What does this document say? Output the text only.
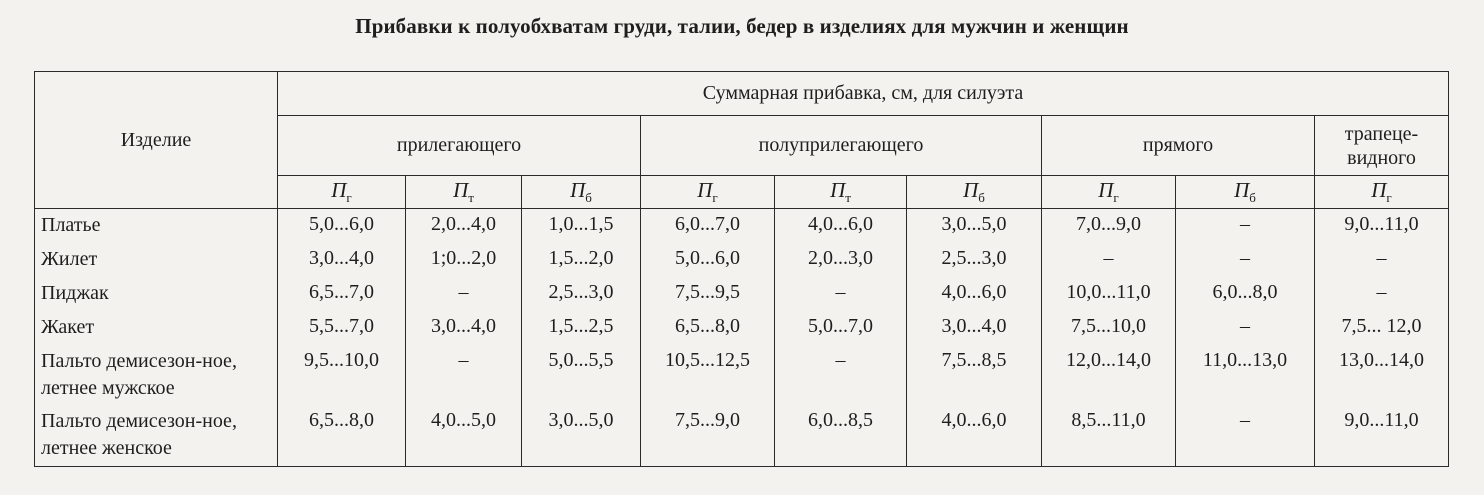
Прибавки к полуобхватам груди, талии, бедер в изделиях для мужчин и женщин
Изделие	Суммарная прибавка, см, для силуэта								
	прилегающего			полуприлегающего			прямого		трапеце-видного
	$П_г$	$П_т$	$П_б$	$П_г$	$П_т$	$П_б$	$П_г$	$П_б$	$П_г$
Платье	5,0...6,0	2,0...4,0	1,0...1,5	6,0...7,0	4,0...6,0	3,0...5,0	7,0...9,0	–	9,0...11,0
Жилет	3,0...4,0	1;0...2,0	1,5...2,0	5,0...6,0	2,0...3,0	2,5...3,0	–	–	–
Пиджак	6,5...7,0	–	2,5...3,0	7,5...9,5	–	4,0...6,0	10,0...11,0	6,0...8,0	–
Жакет	5,5...7,0	3,0...4,0	1,5...2,5	6,5...8,0	5,0...7,0	3,0...4,0	7,5...10,0	–	7,5... 12,0
Пальто демисезон-ное, летнее мужское	9,5...10,0	–	5,0...5,5	10,5...12,5	–	7,5...8,5	12,0...14,0	11,0...13,0	13,0...14,0
Пальто демисезон-ное, летнее женское	6,5...8,0	4,0...5,0	3,0...5,0	7,5...9,0	6,0...8,5	4,0...6,0	8,5...11,0	–	9,0...11,0
